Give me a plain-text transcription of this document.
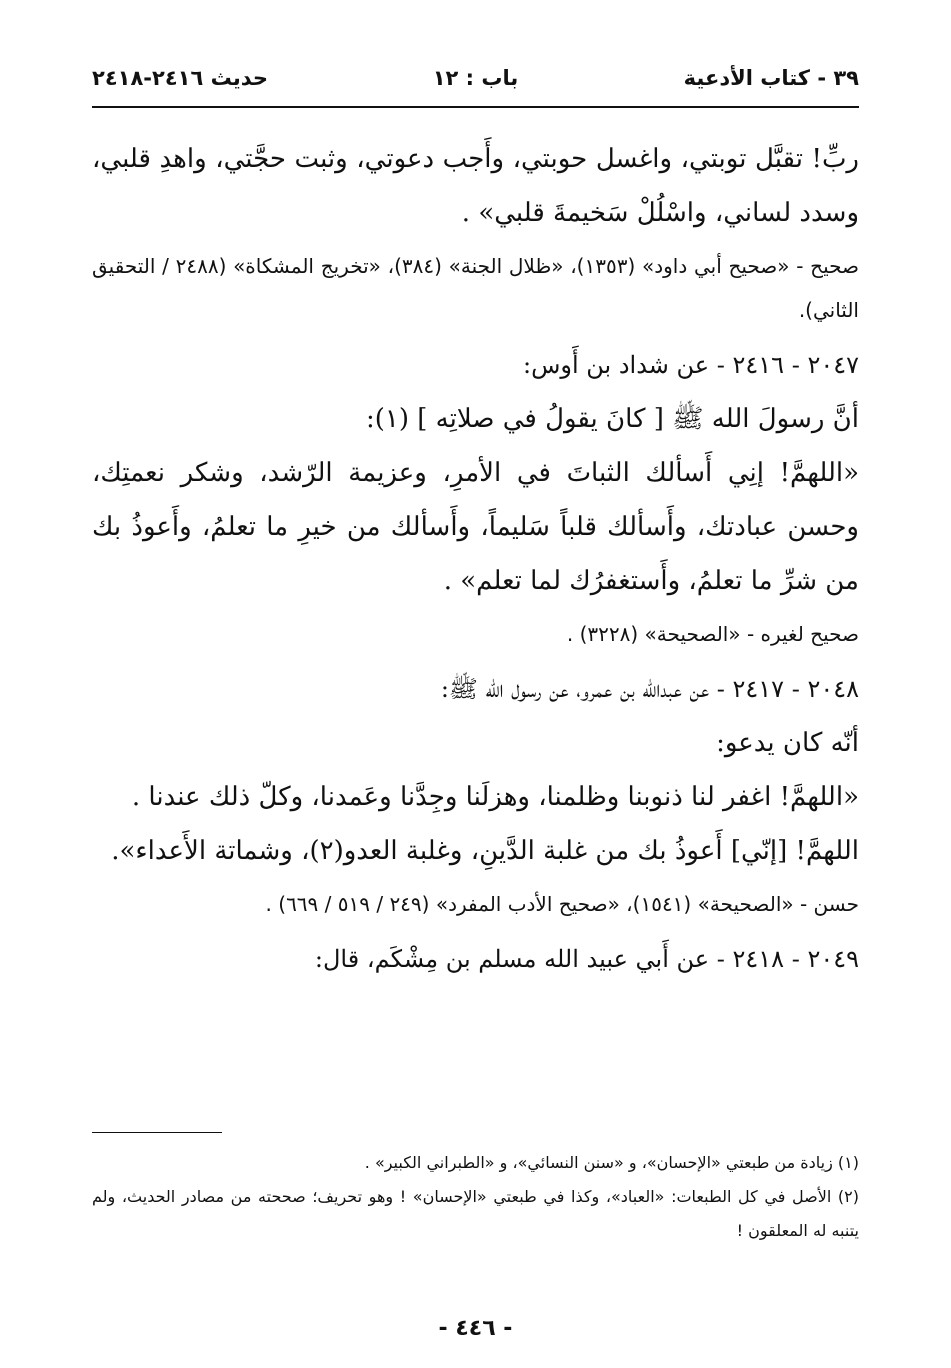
٣٩ - كتاب الأدعية
باب : ١٢
حديث ٢٤١٦-٢٤١٨

ربِّ! تقبَّل توبتي، واغسل حوبتي، وأَجب دعوتي، وثبت حجَّتي، واهدِ قلبي، وسدد لساني، واسْلُلْ سَخيمةَ قلبي» .

صحيح - «صحيح أبي داود» (١٣٥٣)، «ظلال الجنة» (٣٨٤)، «تخريج المشكاة» (٢٤٨٨ / التحقيق الثاني).

٢٠٤٧ - ٢٤١٦ - عن شداد بن أَوس:

أنَّ رسولَ الله ﷺ [ كانَ يقولُ في صلاتِه ] (١):

«اللهمَّ! إنِي أَسألك الثباتَ في الأمرِ، وعزيمة الرّشد، وشكر نعمتِك، وحسن عبادتك، وأَسألك قلباً سَليماً، وأَسألك من خيرِ ما تعلمُ، وأَعوذُ بك من شرِّ ما تعلمُ، وأَستغفرُك لما تعلم» .

صحيح لغيره - «الصحيحة» (٣٢٢٨) .

٢٠٤٨ - ٢٤١٧ - عن عبدالله بن عمرو، عن رسول الله ﷺ:

أنّه كان يدعو:

«اللهمَّ! اغفر لنا ذنوبنا وظلمنا، وهزلَنا وجِدَّنا وعَمدنا، وكلّ ذلك عندنا .

اللهمَّ! [إنّي] أَعوذُ بك من غلبة الدَّينِ، وغلبة العدو(٢)، وشماتة الأَعداء».

حسن - «الصحيحة» (١٥٤١)، «صحيح الأدب المفرد» (٢٤٩ / ٥١٩ / ٦٦٩) .

٢٠٤٩ - ٢٤١٨ - عن أَبي عبيد الله مسلم بن مِشْكَم، قال:

(١) زيادة من طبعتي «الإحسان»، و «سنن النسائي»، و «الطبراني الكبير» .

(٢) الأصل في كل الطبعات: «العباد»، وكذا في طبعتي «الإحسان» ! وهو تحريف؛ صححته من مصادر الحديث، ولم يتنبه له المعلقون !

- ٤٤٦ -
